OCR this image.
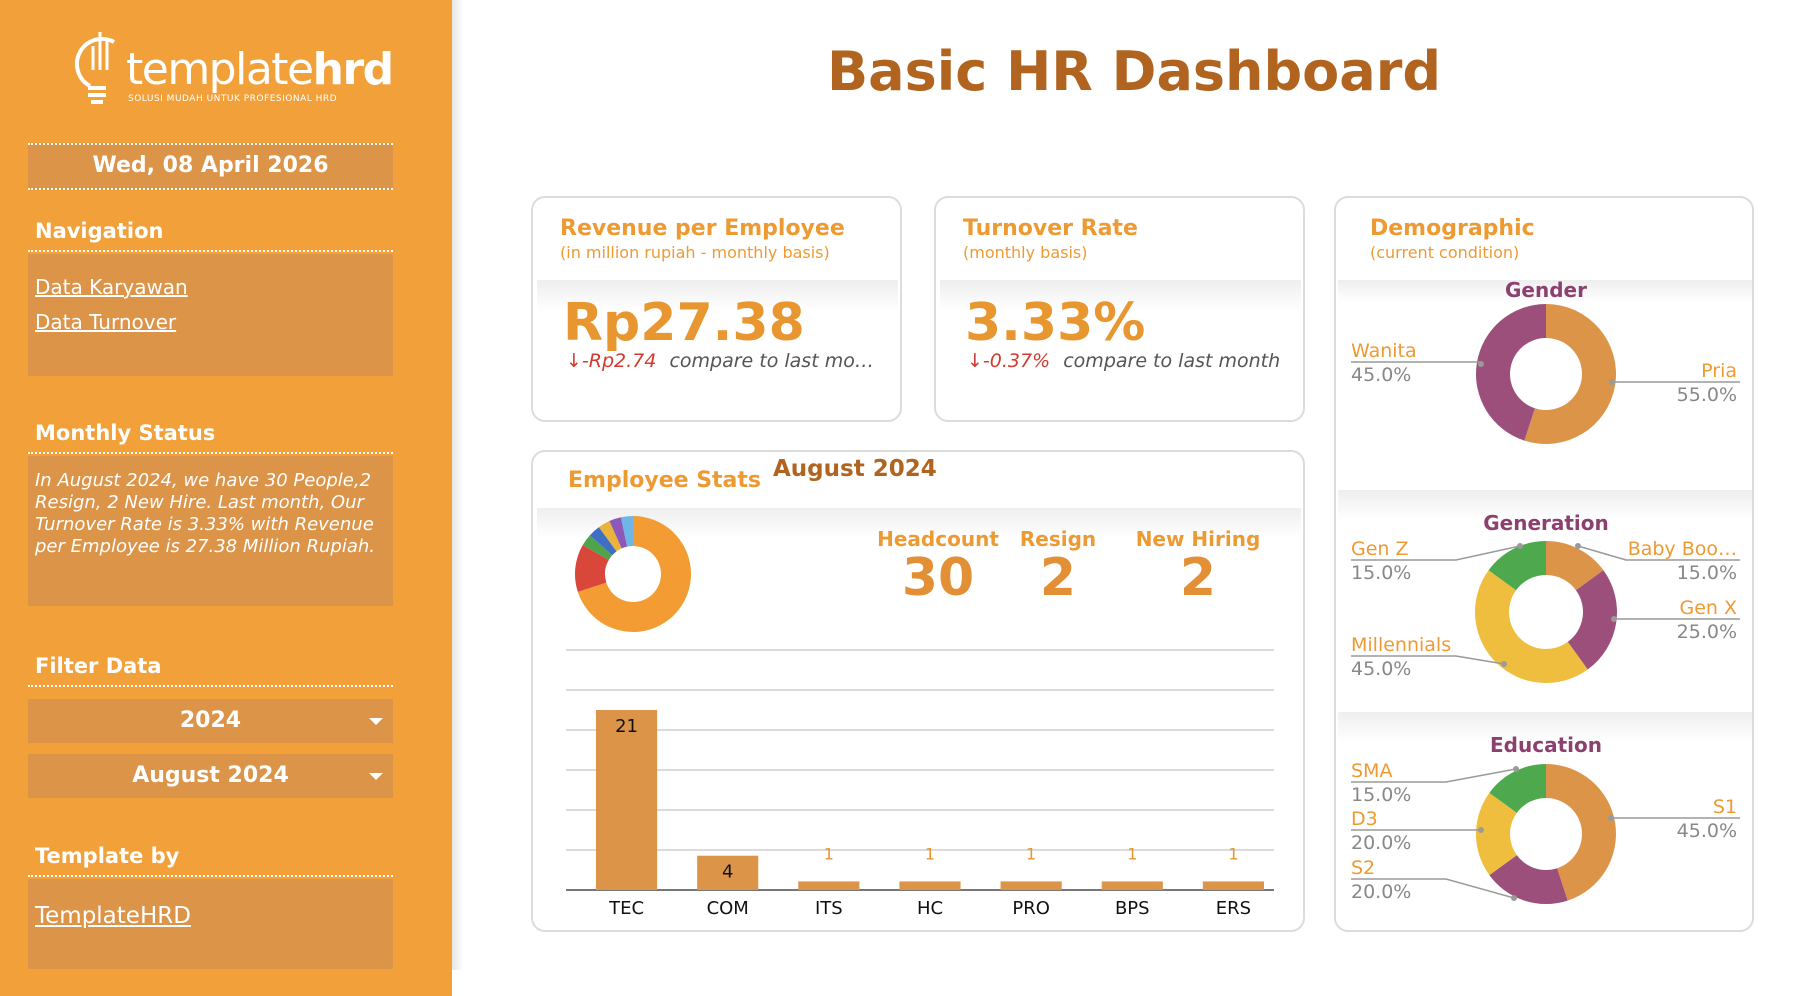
templatehrd
SOLUSI MUDAH UNTUK PROFESIONAL HRD
Wed, 08 April 2026
Navigation
Data Karyawan
Data Turnover
Monthly Status
In August 2024, we have 30 People,2 Resign, 2 New Hire. Last month, Our Turnover Rate is 3.33% with Revenue per Employee is 27.38 Million Rupiah.
Filter Data
2024
August 2024
Template by
TemplateHRD
Basic HR Dashboard
Revenue per Employee
(in million rupiah - monthly basis)
Rp27.38
↓-Rp2.74 compare to last mo…
Turnover Rate
(monthly basis)
3.33%
↓-0.37% compare to last month
Employee Stats August 2024
Headcount
30
Resign
2
New Hiring
2
21
TEC
4
COM
1
ITS
1
HC
1
PRO
1
BPS
1
ERS
Demographic
(current condition)
Gender
Generation
Education
Wanita
45.0%	Pria
55.0%
Gen Z
15.0%
Baby Boo…
15.0%
Gen X
25.0%
Millennials
45.0%
SMA
15.0%
D3
20.0%
S2
20.0%
S1
45.0%
